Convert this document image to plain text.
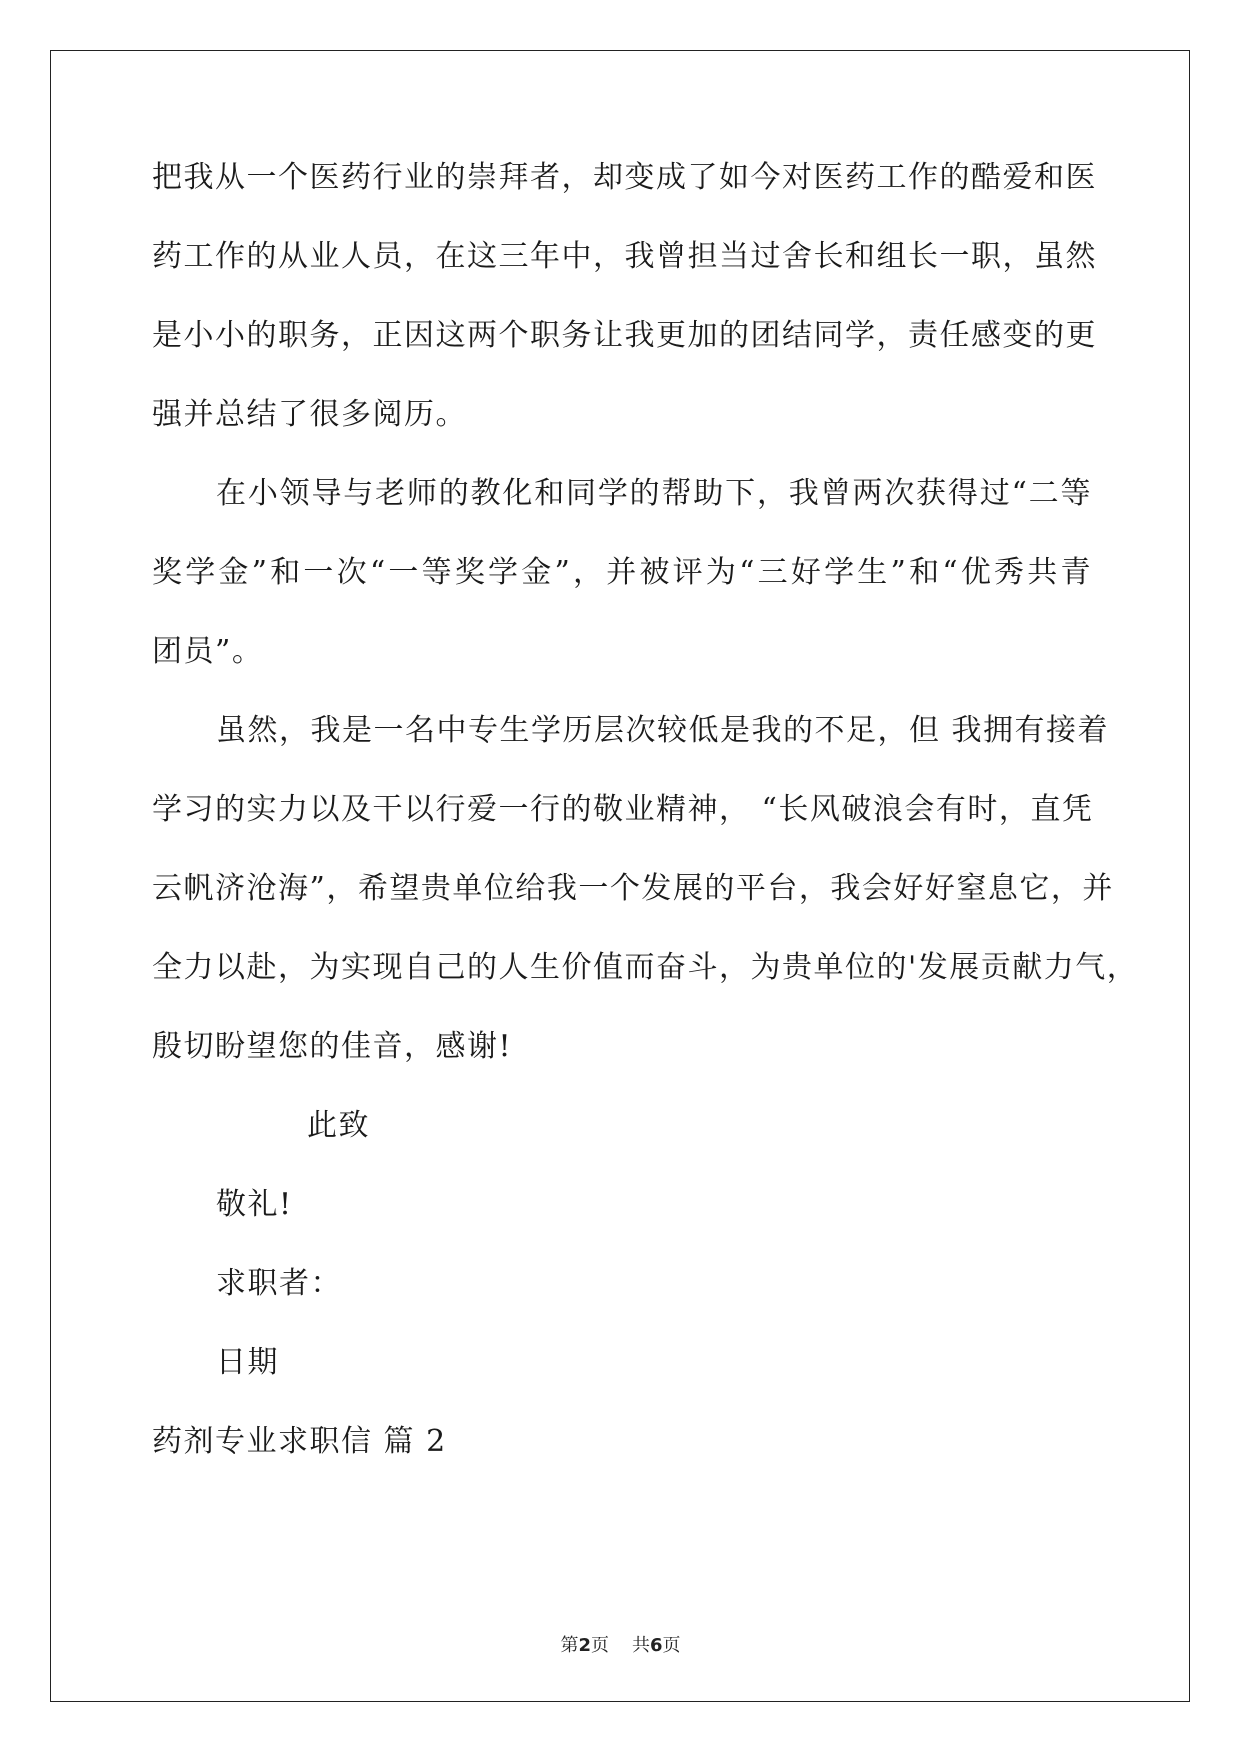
把我从一个医药行业的崇拜者，却变成了如今对医药工作的酷爱和医
药工作的从业人员，在这三年中，我曾担当过舍长和组长一职，虽然
是小小的职务，正因这两个职务让我更加的团结同学，责任感变的更
强并总结了很多阅历。
在小领导与老师的教化和同学的帮助下，我曾两次获得过“二等
奖学金”和一次“一等奖学金”，并被评为“三好学生”和“优秀共青
团员”。
虽然，我是一名中专生学历层次较低是我的不足，但 我拥有接着
学习的实力以及干以行爱一行的敬业精神， “长风破浪会有时，直凭
云帆济沧海”，希望贵单位给我一个发展的平台，我会好好窒息它，并
全力以赴，为实现自己的人生价值而奋斗，为贵单位的'发展贡献力气，
殷切盼望您的佳音，感谢!
此致
敬礼!
求职者：
日期
药剂专业求职信 篇 2
第2页 共6页
